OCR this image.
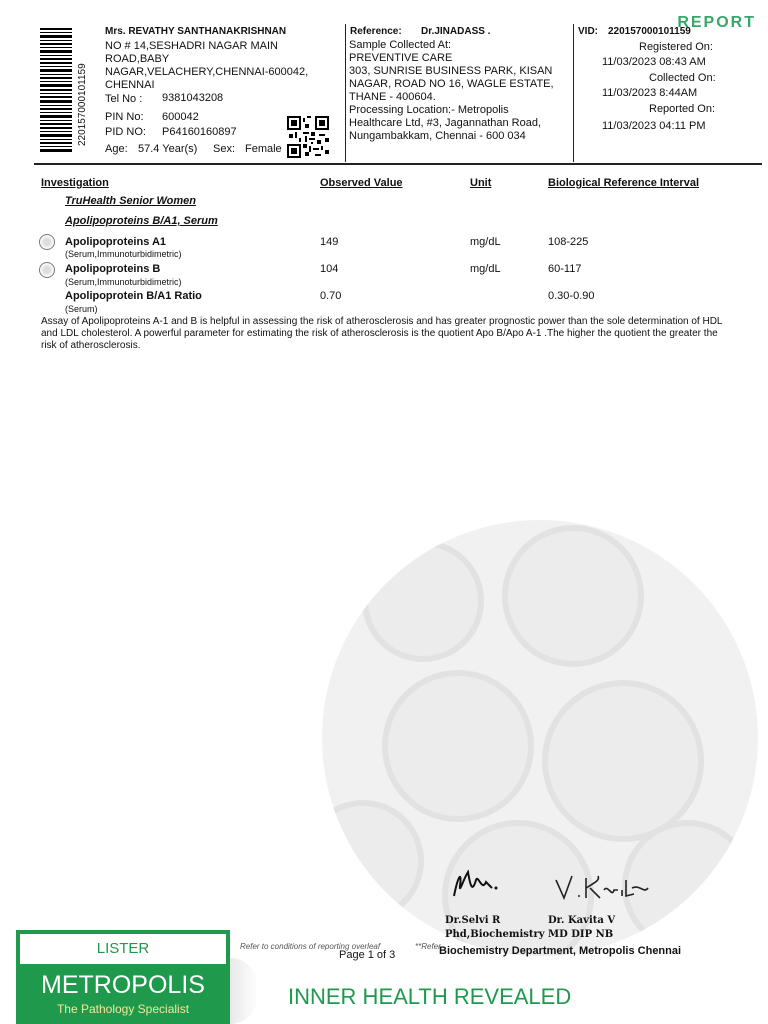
REPORT
220157000101159
Mrs. REVATHY SANTHANAKRISHNAN
NO # 14,SESHADRI NAGAR MAIN
ROAD,BABY
NAGAR,VELACHERY,CHENNAI-600042,
CHENNAI
Tel No : 9381043208
PIN No: 600042
PID NO: P64160160897
Age: 57.4 Year(s) Sex: Female
Reference: Dr.JINADASS .
Sample Collected At:
PREVENTIVE CARE
303, SUNRISE BUSINESS PARK, KISAN
NAGAR, ROAD NO 16, WAGLE ESTATE,
THANE - 400604.
Processing Location:- Metropolis
Healthcare Ltd, #3, Jagannathan Road,
Nungambakkam, Chennai - 600 034
VID: 220157000101159
Registered On:
11/03/2023 08:43 AM
Collected On:
11/03/2023 8:44AM
Reported On:
11/03/2023 04:11 PM
Investigation	Observed Value	Unit	Biological Reference Interval
TruHealth Senior Women
Apolipoproteins B/A1, Serum
Apolipoproteins A1
(Serum,Immunoturbidimetric)
149	mg/dL	108-225
Apolipoproteins B
(Serum,Immunoturbidimetric)
104	mg/dL	60-117
Apolipoprotein B/A1 Ratio
(Serum)
0.70	0.30-0.90
Assay of Apolipoproteins A-1 and B is helpful in assessing the risk of atherosclerosis and has greater prognostic power than the sole determination of HDL and LDL cholesterol. A powerful parameter for estimating the risk of atherosclerosis is the quotient Apo B/Apo A-1 .The higher the quotient the greater the risk of atherosclerosis.
Dr.Selvi R
Phd,Biochemistry
Dr. Kavita V
MD DIP NB
Refer to conditions of reporting overleaf	**Refer
Page 1 of 3	Biochemistry Department, Metropolis Chennai
LISTER
METROPOLIS
The Pathology Specialist	INNER HEALTH REVEALED
